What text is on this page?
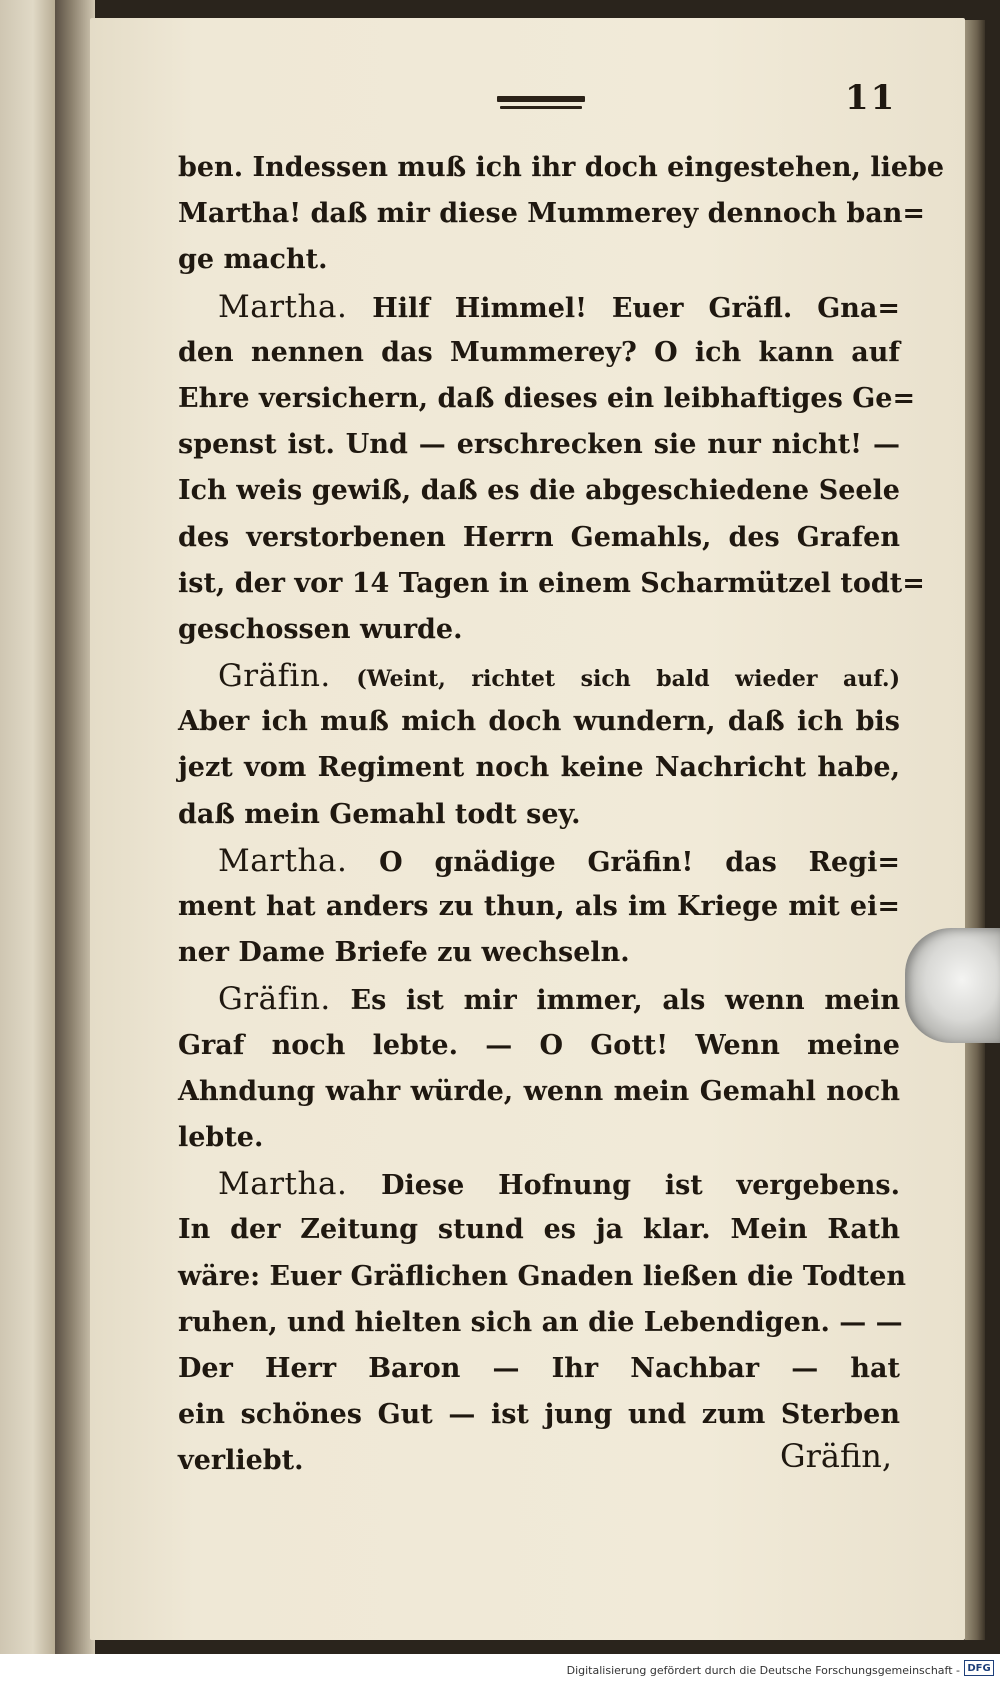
11
ben. Indessen muß ich ihr doch eingestehen, liebe
Martha! daß mir diese Mummerey dennoch ban=
ge macht.
Martha. Hilf Himmel! Euer Gräfl. Gna=
den nennen das Mummerey? O ich kann auf
Ehre versichern, daß dieses ein leibhaftiges Ge=
spenst ist. Und — erschrecken sie nur nicht! —
Ich weis gewiß, daß es die abgeschiedene Seele
des verstorbenen Herrn Gemahls, des Grafen
ist, der vor 14 Tagen in einem Scharmützel todt=
geschossen wurde.
Gräfin. (Weint, richtet sich bald wieder auf.)
Aber ich muß mich doch wundern, daß ich bis
jezt vom Regiment noch keine Nachricht habe,
daß mein Gemahl todt sey.
Martha. O gnädige Gräfin! das Regi=
ment hat anders zu thun, als im Kriege mit ei=
ner Dame Briefe zu wechseln.
Gräfin. Es ist mir immer, als wenn mein
Graf noch lebte. — O Gott! Wenn meine
Ahndung wahr würde, wenn mein Gemahl noch
lebte.
Martha. Diese Hofnung ist vergebens.
In der Zeitung stund es ja klar. Mein Rath
wäre: Euer Gräflichen Gnaden ließen die Todten
ruhen, und hielten sich an die Lebendigen. — —
Der Herr Baron — Ihr Nachbar — hat
ein schönes Gut — ist jung und zum Sterben
verliebt.	Gräfin,
Digitalisierung gefördert durch die Deutsche Forschungsgemeinschaft - DFG
